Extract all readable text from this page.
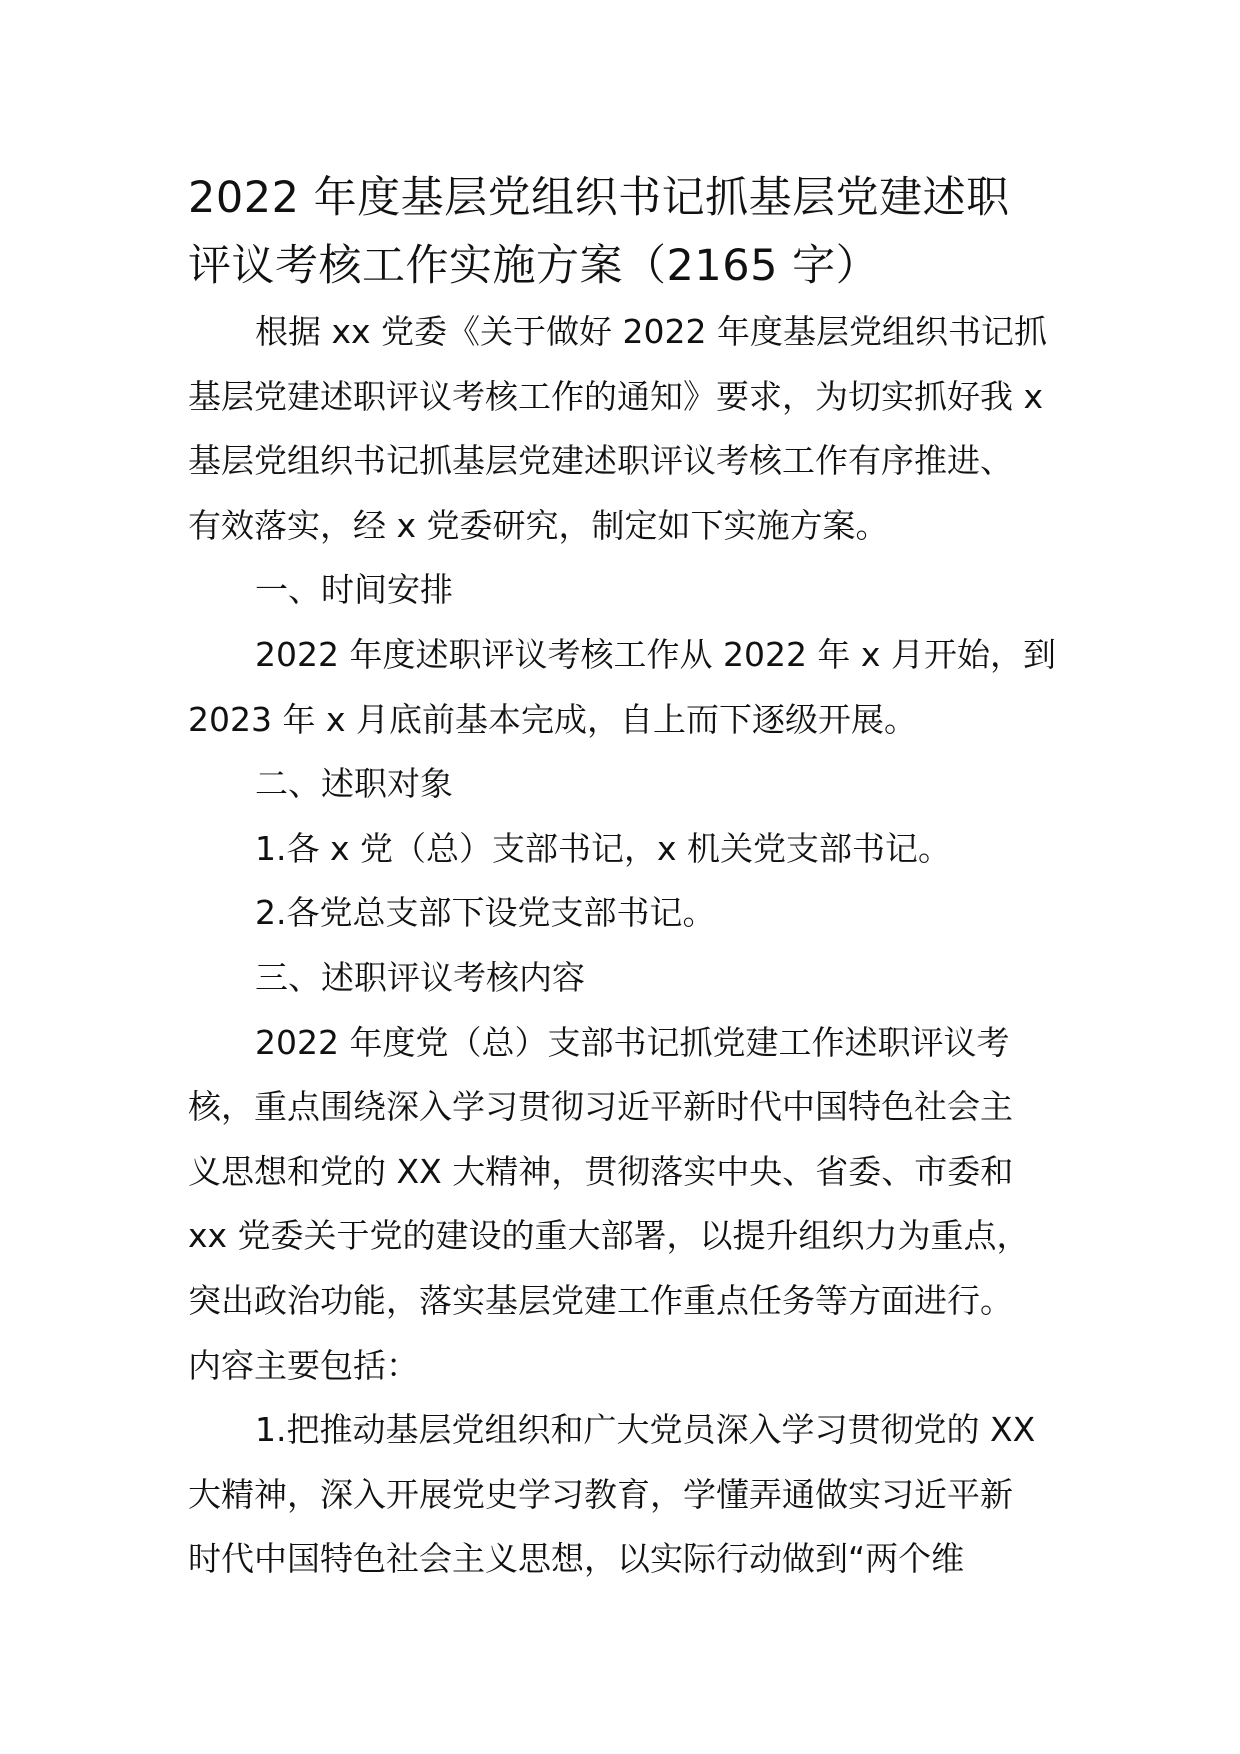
2022 年度基层党组织书记抓基层党建述职
评议考核工作实施方案（2165 字）

根据 xx 党委《关于做好 2022 年度基层党组织书记抓
基层党建述职评议考核工作的通知》要求，为切实抓好我 x
基层党组织书记抓基层党建述职评议考核工作有序推进、
有效落实，经 x 党委研究，制定如下实施方案。

一、时间安排

2022 年度述职评议考核工作从 2022 年 x 月开始，到
2023 年 x 月底前基本完成，自上而下逐级开展。

二、述职对象

1.各 x 党（总）支部书记，x 机关党支部书记。

2.各党总支部下设党支部书记。

三、述职评议考核内容

2022 年度党（总）支部书记抓党建工作述职评议考
核，重点围绕深入学习贯彻习近平新时代中国特色社会主
义思想和党的 XX 大精神，贯彻落实中央、省委、市委和
xx 党委关于党的建设的重大部署，以提升组织力为重点，
突出政治功能，落实基层党建工作重点任务等方面进行。
内容主要包括：

1.把推动基层党组织和广大党员深入学习贯彻党的 XX
大精神，深入开展党史学习教育，学懂弄通做实习近平新
时代中国特色社会主义思想，以实际行动做到“两个维
